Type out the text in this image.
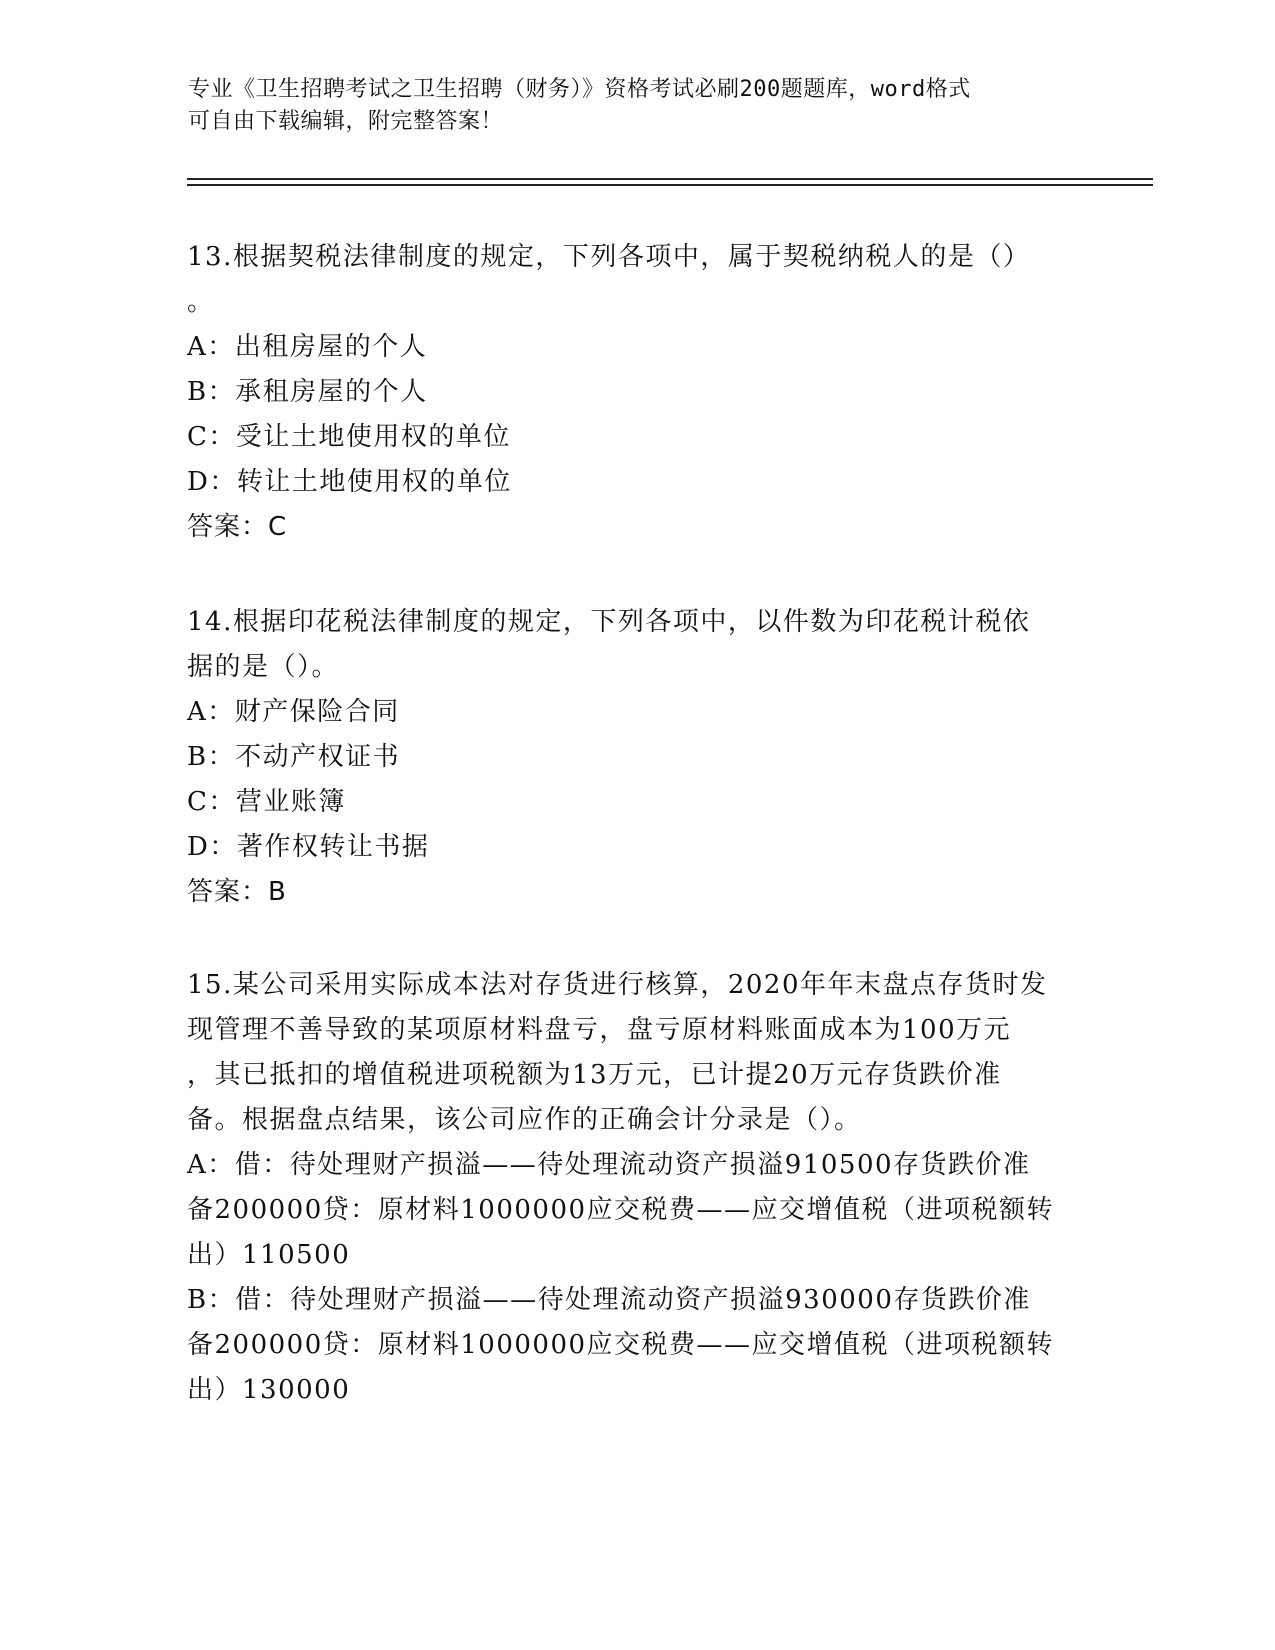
专业《卫生招聘考试之卫生招聘（财务）》资格考试必刷200题题库，word格式
可自由下载编辑，附完整答案！
13.根据契税法律制度的规定，下列各项中，属于契税纳税人的是（）
。
A：出租房屋的个人
B：承租房屋的个人
C：受让土地使用权的单位
D：转让土地使用权的单位
答案：C
14.根据印花税法律制度的规定，下列各项中，以件数为印花税计税依
据的是（）。
A：财产保险合同
B：不动产权证书
C：营业账簿
D：著作权转让书据
答案：B
15.某公司采用实际成本法对存货进行核算，2020年年末盘点存货时发
现管理不善导致的某项原材料盘亏，盘亏原材料账面成本为100万元
，其已抵扣的增值税进项税额为13万元，已计提20万元存货跌价准
备。根据盘点结果，该公司应作的正确会计分录是（）。
A：借：待处理财产损溢——待处理流动资产损溢910500存货跌价准
备200000贷：原材料1000000应交税费——应交增值税（进项税额转
出）110500
B：借：待处理财产损溢——待处理流动资产损溢930000存货跌价准
备200000贷：原材料1000000应交税费——应交增值税（进项税额转
出）130000
